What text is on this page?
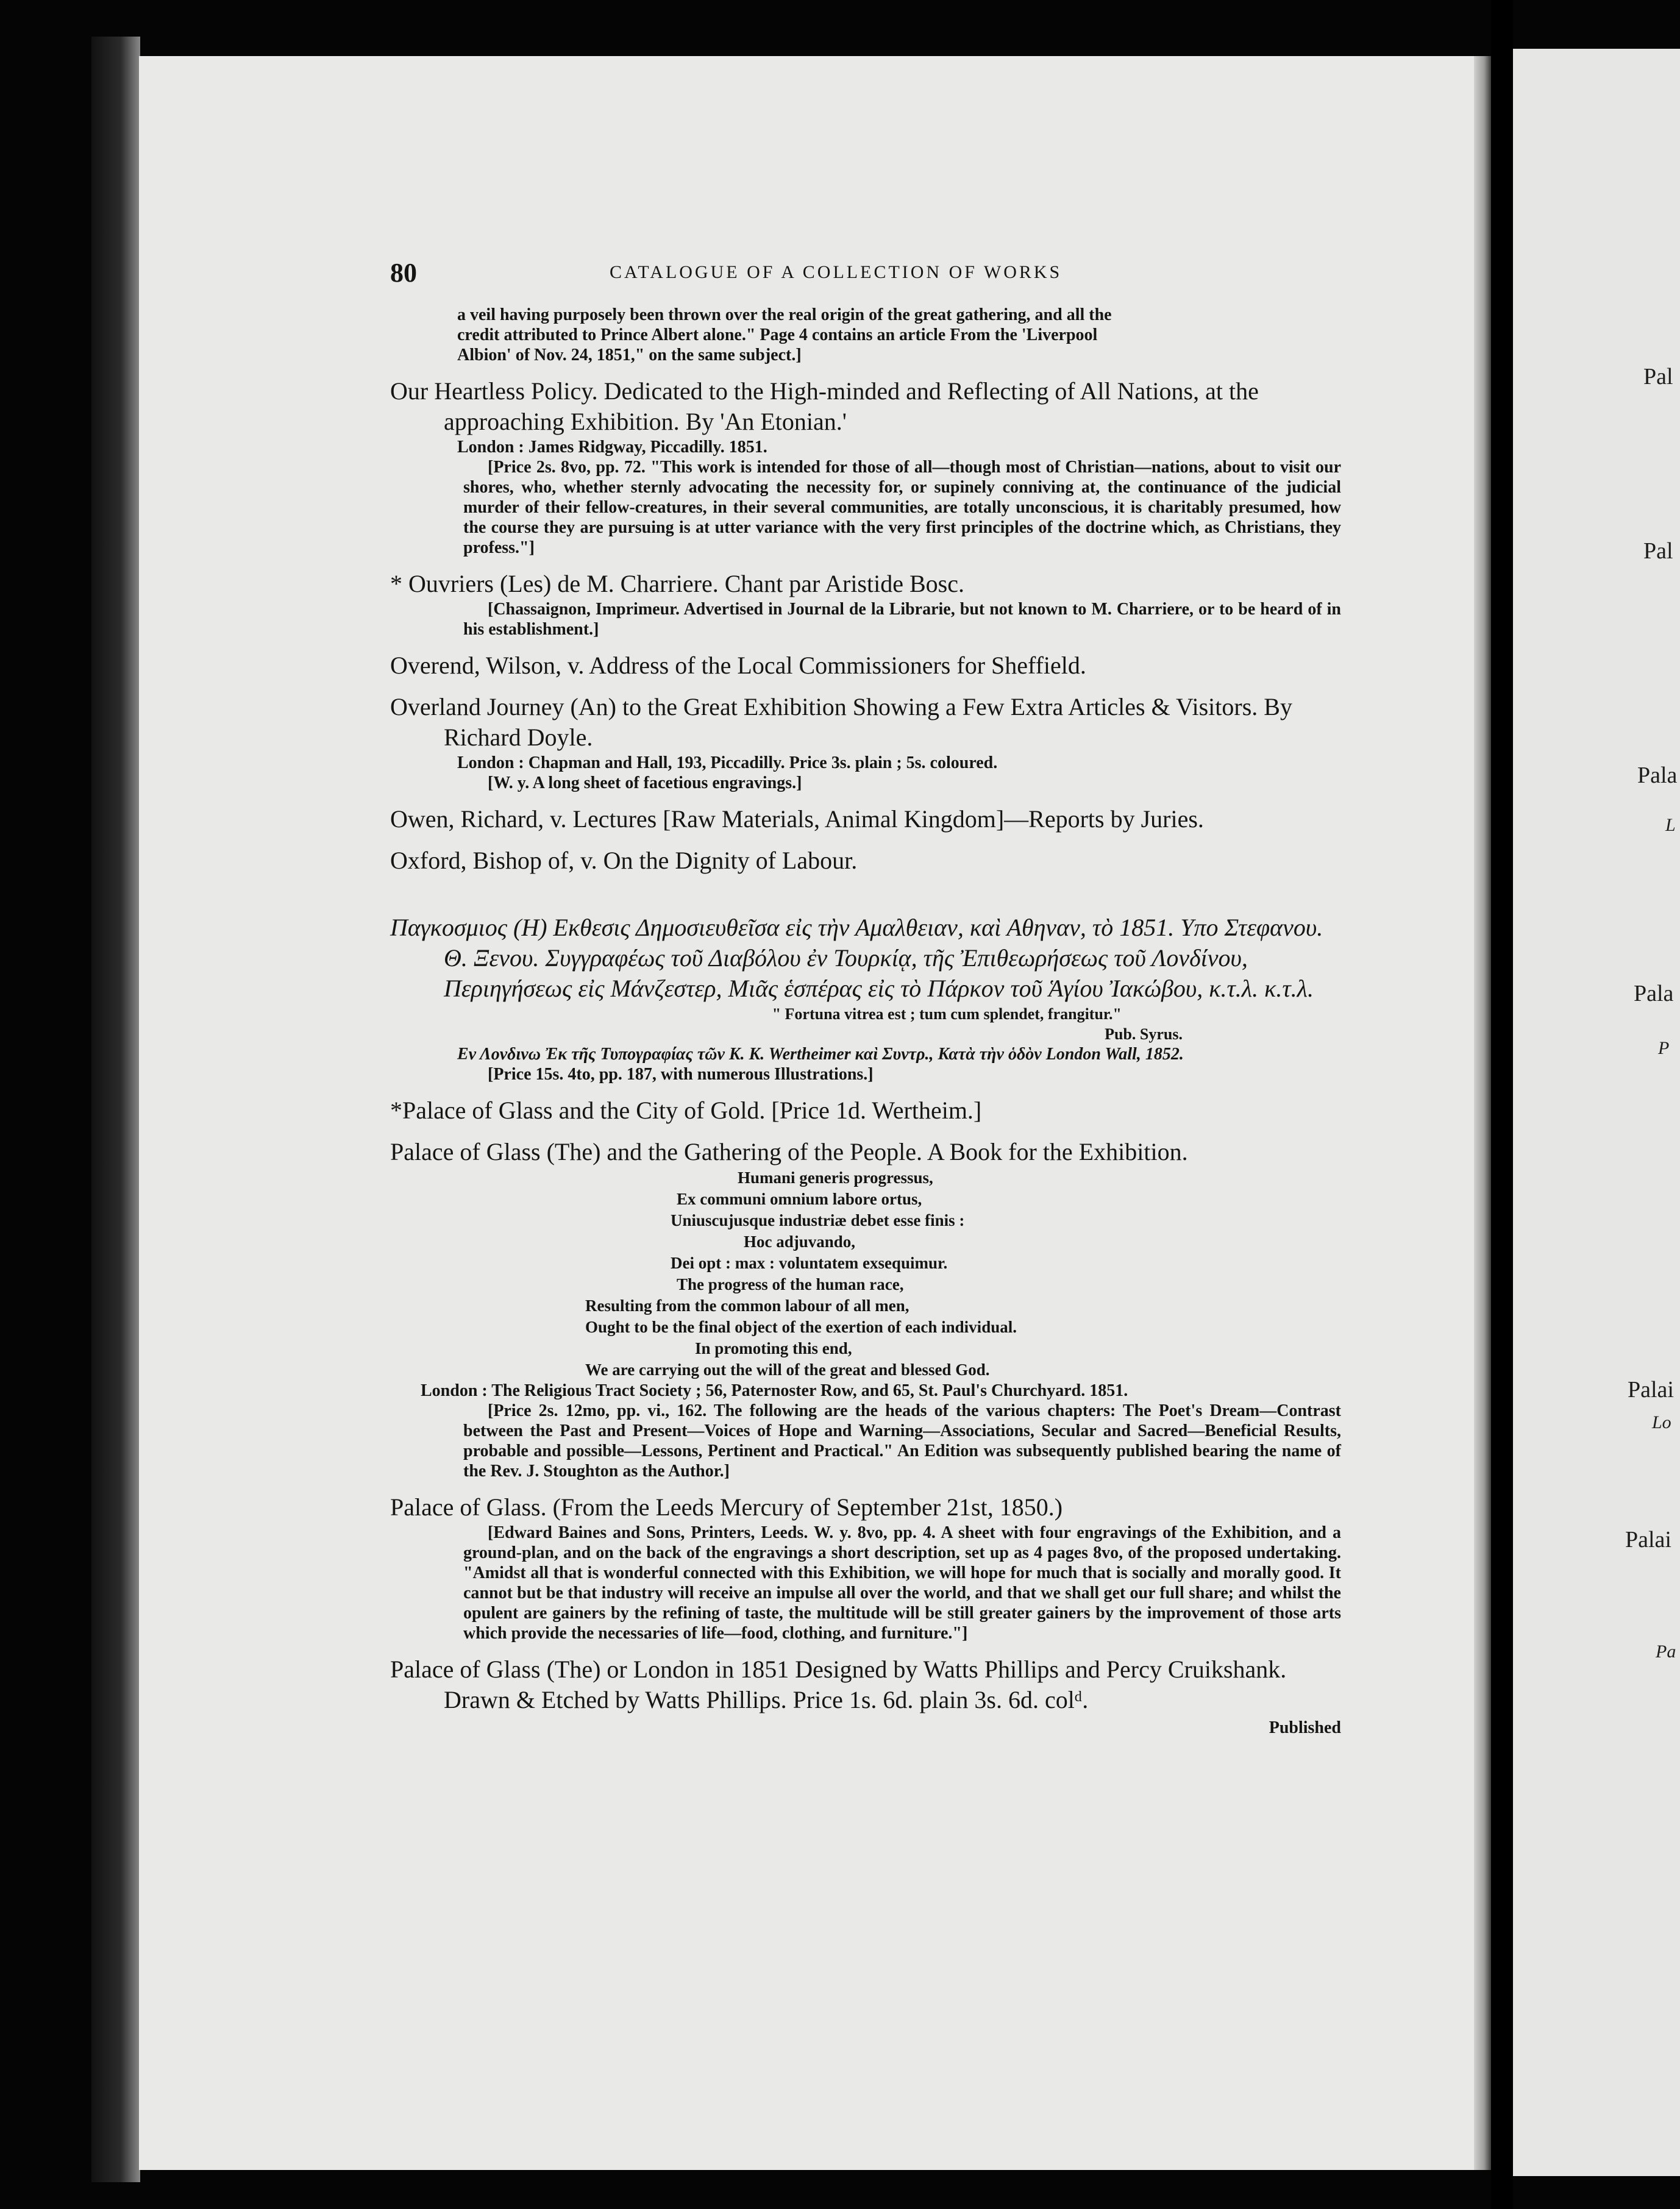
Pal
Pal
Pala
L
Pala
P
Palai
Lo
Palai
Pa
80	CATALOGUE OF A COLLECTION OF WORKS
a veil having purposely been thrown over the real origin of the great gathering, and all the
credit attributed to Prince Albert alone." Page 4 contains an article From the 'Liverpool
Albion' of Nov. 24, 1851," on the same subject.]
Our Heartless Policy. Dedicated to the High-minded and Reflecting of All Nations, at the approaching Exhibition. By 'An Etonian.'
London : James Ridgway, Piccadilly. 1851.
[Price 2s. 8vo, pp. 72. "This work is intended for those of all—though most of Christian—nations, about to visit our shores, who, whether sternly advocating the necessity for, or supinely conniving at, the continuance of the judicial murder of their fellow-creatures, in their several communities, are totally unconscious, it is charitably presumed, how the course they are pursuing is at utter variance with the very first principles of the doctrine which, as Christians, they profess."]
* Ouvriers (Les) de M. Charriere. Chant par Aristide Bosc.
[Chassaignon, Imprimeur. Advertised in Journal de la Librarie, but not known to M. Charriere, or to be heard of in his establishment.]
Overend, Wilson, v. Address of the Local Commissioners for Sheffield.
Overland Journey (An) to the Great Exhibition Showing a Few Extra Articles & Visitors. By Richard Doyle.
London : Chapman and Hall, 193, Piccadilly. Price 3s. plain ; 5s. coloured.
[W. y. A long sheet of facetious engravings.]
Owen, Richard, v. Lectures [Raw Materials, Animal Kingdom]—Reports by Juries.
Oxford, Bishop of, v. On the Dignity of Labour.
Παγκοσμιος (Η) Εκθεσις Δημοσιευθεῖσα εἰς τὴν Αμαλθειαν, καὶ Αθηναν, τὸ 1851. Υπο Στεφανου. Θ. Ξενου. Συγγραφέως τοῦ Διαβόλου ἐν Τουρκίᾳ, τῆς Ἐπιθεωρήσεως τοῦ Λονδίνου, Περιηγήσεως εἰς Μάνζεστερ, Μιᾶς ἑσπέρας εἰς τὸ Πάρκον τοῦ Ἁγίου Ἰακώβου, κ.τ.λ. κ.τ.λ.
" Fortuna vitrea est ; tum cum splendet, frangitur."
Pub. Syrus.
Εν Λονδινω Ἐκ τῆς Τυπογραφίας τῶν K. K. Wertheimer καὶ Συντρ., Κατὰ τὴν ὁδὸν London Wall, 1852.
[Price 15s. 4to, pp. 187, with numerous Illustrations.]
*Palace of Glass and the City of Gold. [Price 1d. Wertheim.]
Palace of Glass (The) and the Gathering of the People. A Book for the Exhibition.
Humani generis progressus,
Ex communi omnium labore ortus,
Uniuscujusque industriæ debet esse finis :
Hoc adjuvando,
Dei opt : max : voluntatem exsequimur.
The progress of the human race,
Resulting from the common labour of all men,
Ought to be the final object of the exertion of each individual.
In promoting this end,
We are carrying out the will of the great and blessed God.
London : The Religious Tract Society ; 56, Paternoster Row, and 65, St. Paul's Churchyard. 1851.
[Price 2s. 12mo, pp. vi., 162. The following are the heads of the various chapters: The Poet's Dream—Contrast between the Past and Present—Voices of Hope and Warning—Associations, Secular and Sacred—Beneficial Results, probable and possible—Lessons, Pertinent and Practical." An Edition was subsequently published bearing the name of the Rev. J. Stoughton as the Author.]
Palace of Glass. (From the Leeds Mercury of September 21st, 1850.)
[Edward Baines and Sons, Printers, Leeds. W. y. 8vo, pp. 4. A sheet with four engravings of the Exhibition, and a ground-plan, and on the back of the engravings a short description, set up as 4 pages 8vo, of the proposed undertaking. "Amidst all that is wonderful connected with this Exhibition, we will hope for much that is socially and morally good. It cannot but be that industry will receive an impulse all over the world, and that we shall get our full share; and whilst the opulent are gainers by the refining of taste, the multitude will be still greater gainers by the improvement of those arts which provide the necessaries of life—food, clothing, and furniture."]
Palace of Glass (The) or London in 1851 Designed by Watts Phillips and Percy Cruikshank. Drawn & Etched by Watts Phillips. Price 1s. 6d. plain 3s. 6d. colᵈ.
Published
